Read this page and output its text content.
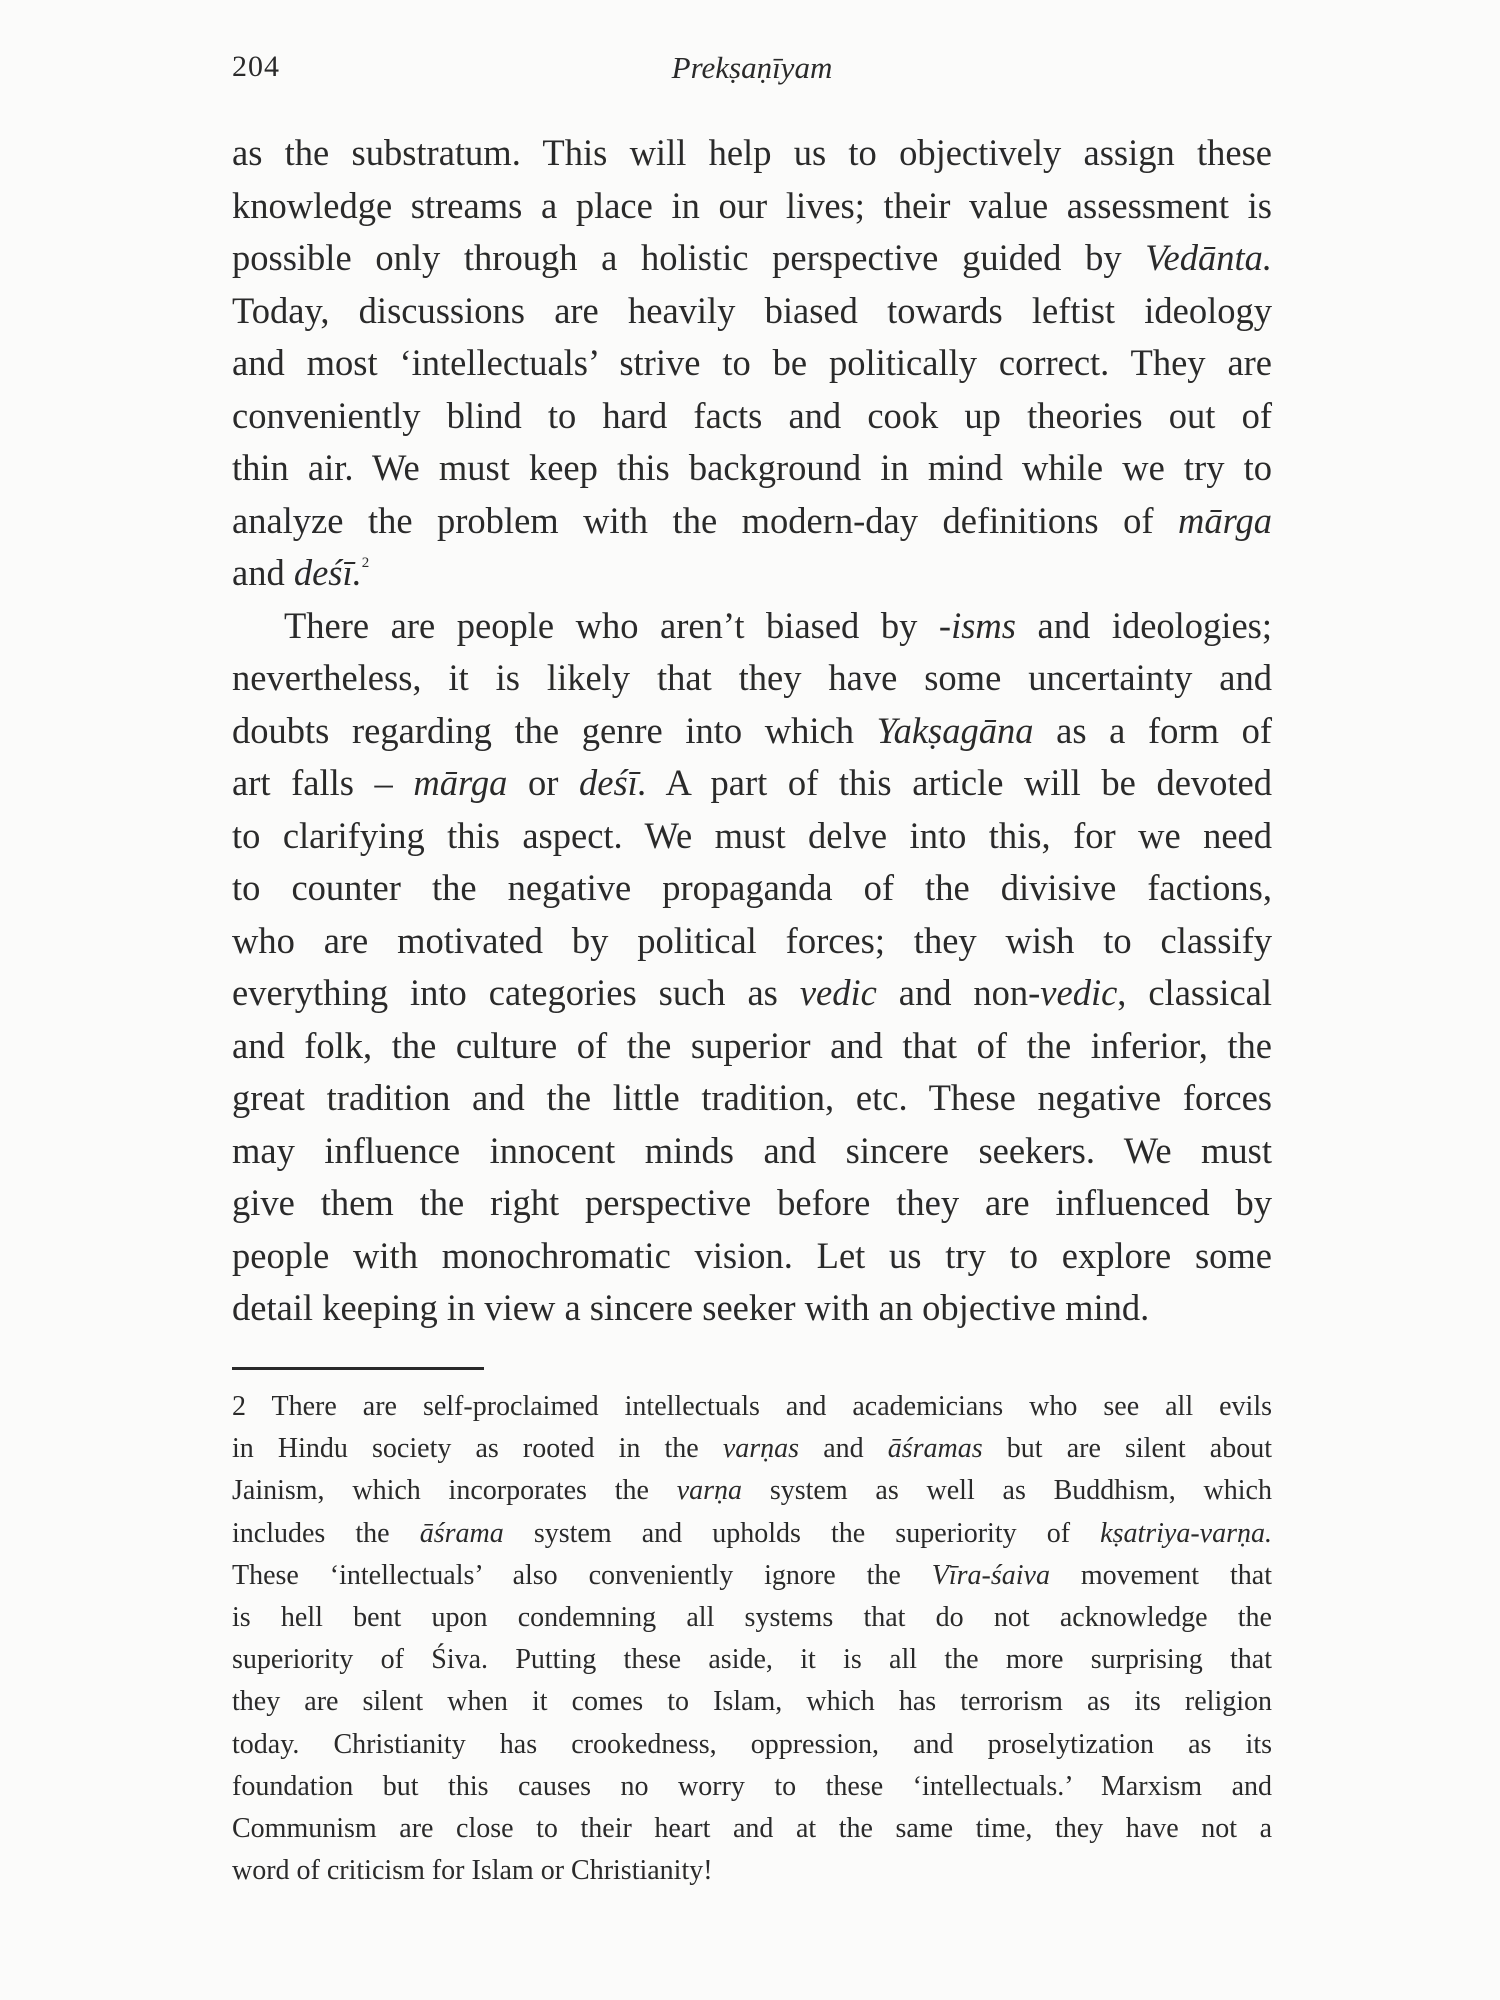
204	Prekṣaṇīyam

as the substratum. This will help us to objectively assign these
knowledge streams a place in our lives; their value assessment is
possible only through a holistic perspective guided by Vedānta.
Today, discussions are heavily biased towards leftist ideology
and most ‘intellectuals’ strive to be politically correct. They are
conveniently blind to hard facts and cook up theories out of
thin air. We must keep this background in mind while we try to
analyze the problem with the modern-day definitions of mārga
and deśī.$^2$

There are people who aren’t biased by -isms and ideologies;
nevertheless, it is likely that they have some uncertainty and
doubts regarding the genre into which Yakṣagāna as a form of
art falls – mārga or deśī. A part of this article will be devoted
to clarifying this aspect. We must delve into this, for we need
to counter the negative propaganda of the divisive factions,
who are motivated by political forces; they wish to classify
everything into categories such as vedic and non-vedic, classical
and folk, the culture of the superior and that of the inferior, the
great tradition and the little tradition, etc. These negative forces
may influence innocent minds and sincere seekers. We must
give them the right perspective before they are influenced by
people with monochromatic vision. Let us try to explore some
detail keeping in view a sincere seeker with an objective mind.

2 There are self-proclaimed intellectuals and academicians who see all evils
in Hindu society as rooted in the varṇas and āśramas but are silent about
Jainism, which incorporates the varṇa system as well as Buddhism, which
includes the āśrama system and upholds the superiority of kṣatriya-varṇa.
These ‘intellectuals’ also conveniently ignore the Vīra-śaiva movement that
is hell bent upon condemning all systems that do not acknowledge the
superiority of Śiva. Putting these aside, it is all the more surprising that
they are silent when it comes to Islam, which has terrorism as its religion
today. Christianity has crookedness, oppression, and proselytization as its
foundation but this causes no worry to these ‘intellectuals.’ Marxism and
Communism are close to their heart and at the same time, they have not a
word of criticism for Islam or Christianity!
